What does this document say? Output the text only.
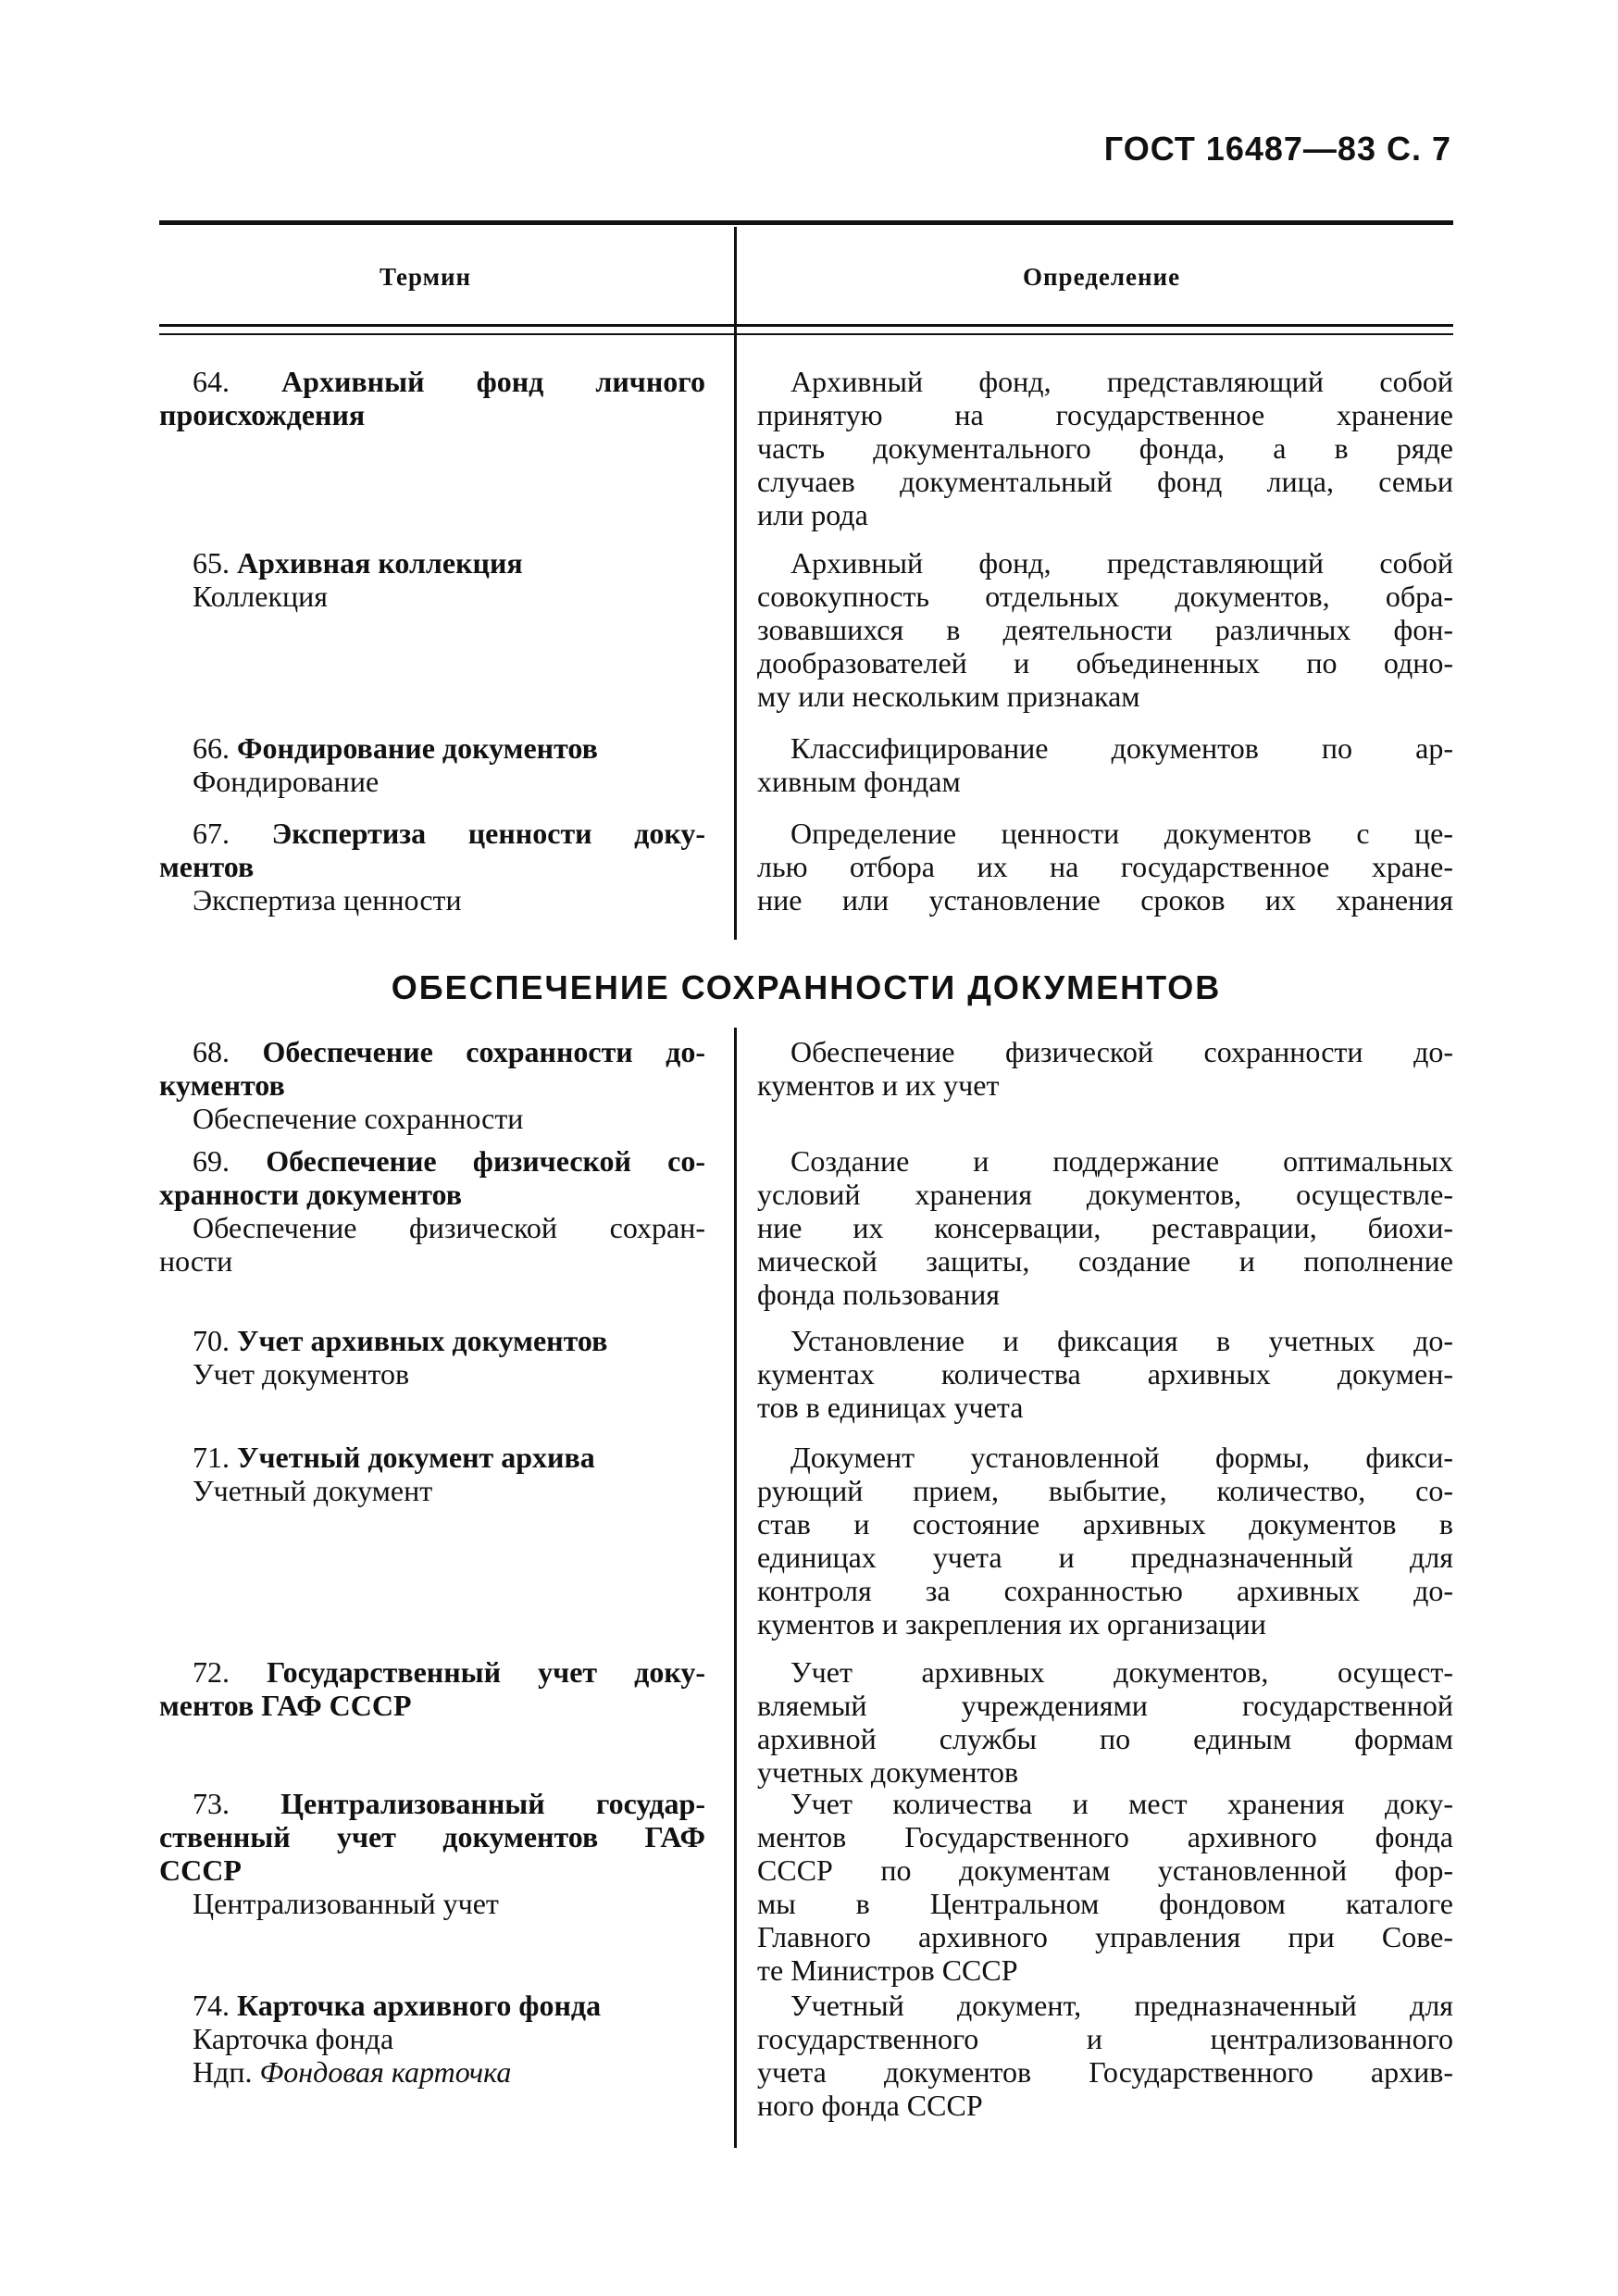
ГОСТ 16487—83 С. 7
Термин	Определение
64. Архивный фонд личного
происхождения
Архивный фонд, представляющий собой
принятую на государственное хранение
часть документального фонда, а в ряде
случаев документальный фонд лица, семьи
или рода
65. Архивная коллекция
Коллекция
Архивный фонд, представляющий собой
совокупность отдельных документов, обра-
зовавшихся в деятельности различных фон-
дообразователей и объединенных по одно-
му или нескольким признакам
66. Фондирование документов
Фондирование
Классифицирование документов по ар-
хивным фондам
67. Экспертиза ценности доку-
ментов
Экспертиза ценности
Определение ценности документов с це-
лью отбора их на государственное хране-
ние или установление сроков их хранения
ОБЕСПЕЧЕНИЕ СОХРАННОСТИ ДОКУМЕНТОВ
68. Обеспечение сохранности до-
кументов
Обеспечение сохранности
Обеспечение физической сохранности до-
кументов и их учет
69. Обеспечение физической со-
хранности документов
Обеспечение физической сохран-
ности
Создание и поддержание оптимальных
условий хранения документов, осуществле-
ние их консервации, реставрации, биохи-
мической защиты, создание и пополнение
фонда пользования
70. Учет архивных документов
Учет документов
Установление и фиксация в учетных до-
кументах количества архивных докумен-
тов в единицах учета
71. Учетный документ архива
Учетный документ
Документ установленной формы, фикси-
рующий прием, выбытие, количество, со-
став и состояние архивных документов в
единицах учета и предназначенный для
контроля за сохранностью архивных до-
кументов и закрепления их организации
72. Государственный учет доку-
ментов ГАФ СССР
Учет архивных документов, осущест-
вляемый учреждениями государственной
архивной службы по единым формам
учетных документов
73. Централизованный государ-
ственный учет документов ГАФ
СССР
Централизованный учет
Учет количества и мест хранения доку-
ментов Государственного архивного фонда
СССР по документам установленной фор-
мы в Центральном фондовом каталоге
Главного архивного управления при Сове-
те Министров СССР
74. Карточка архивного фонда
Карточка фонда
Ндп. Фондовая карточка
Учетный документ, предназначенный для
государственного и централизованного
учета документов Государственного архив-
ного фонда СССР
